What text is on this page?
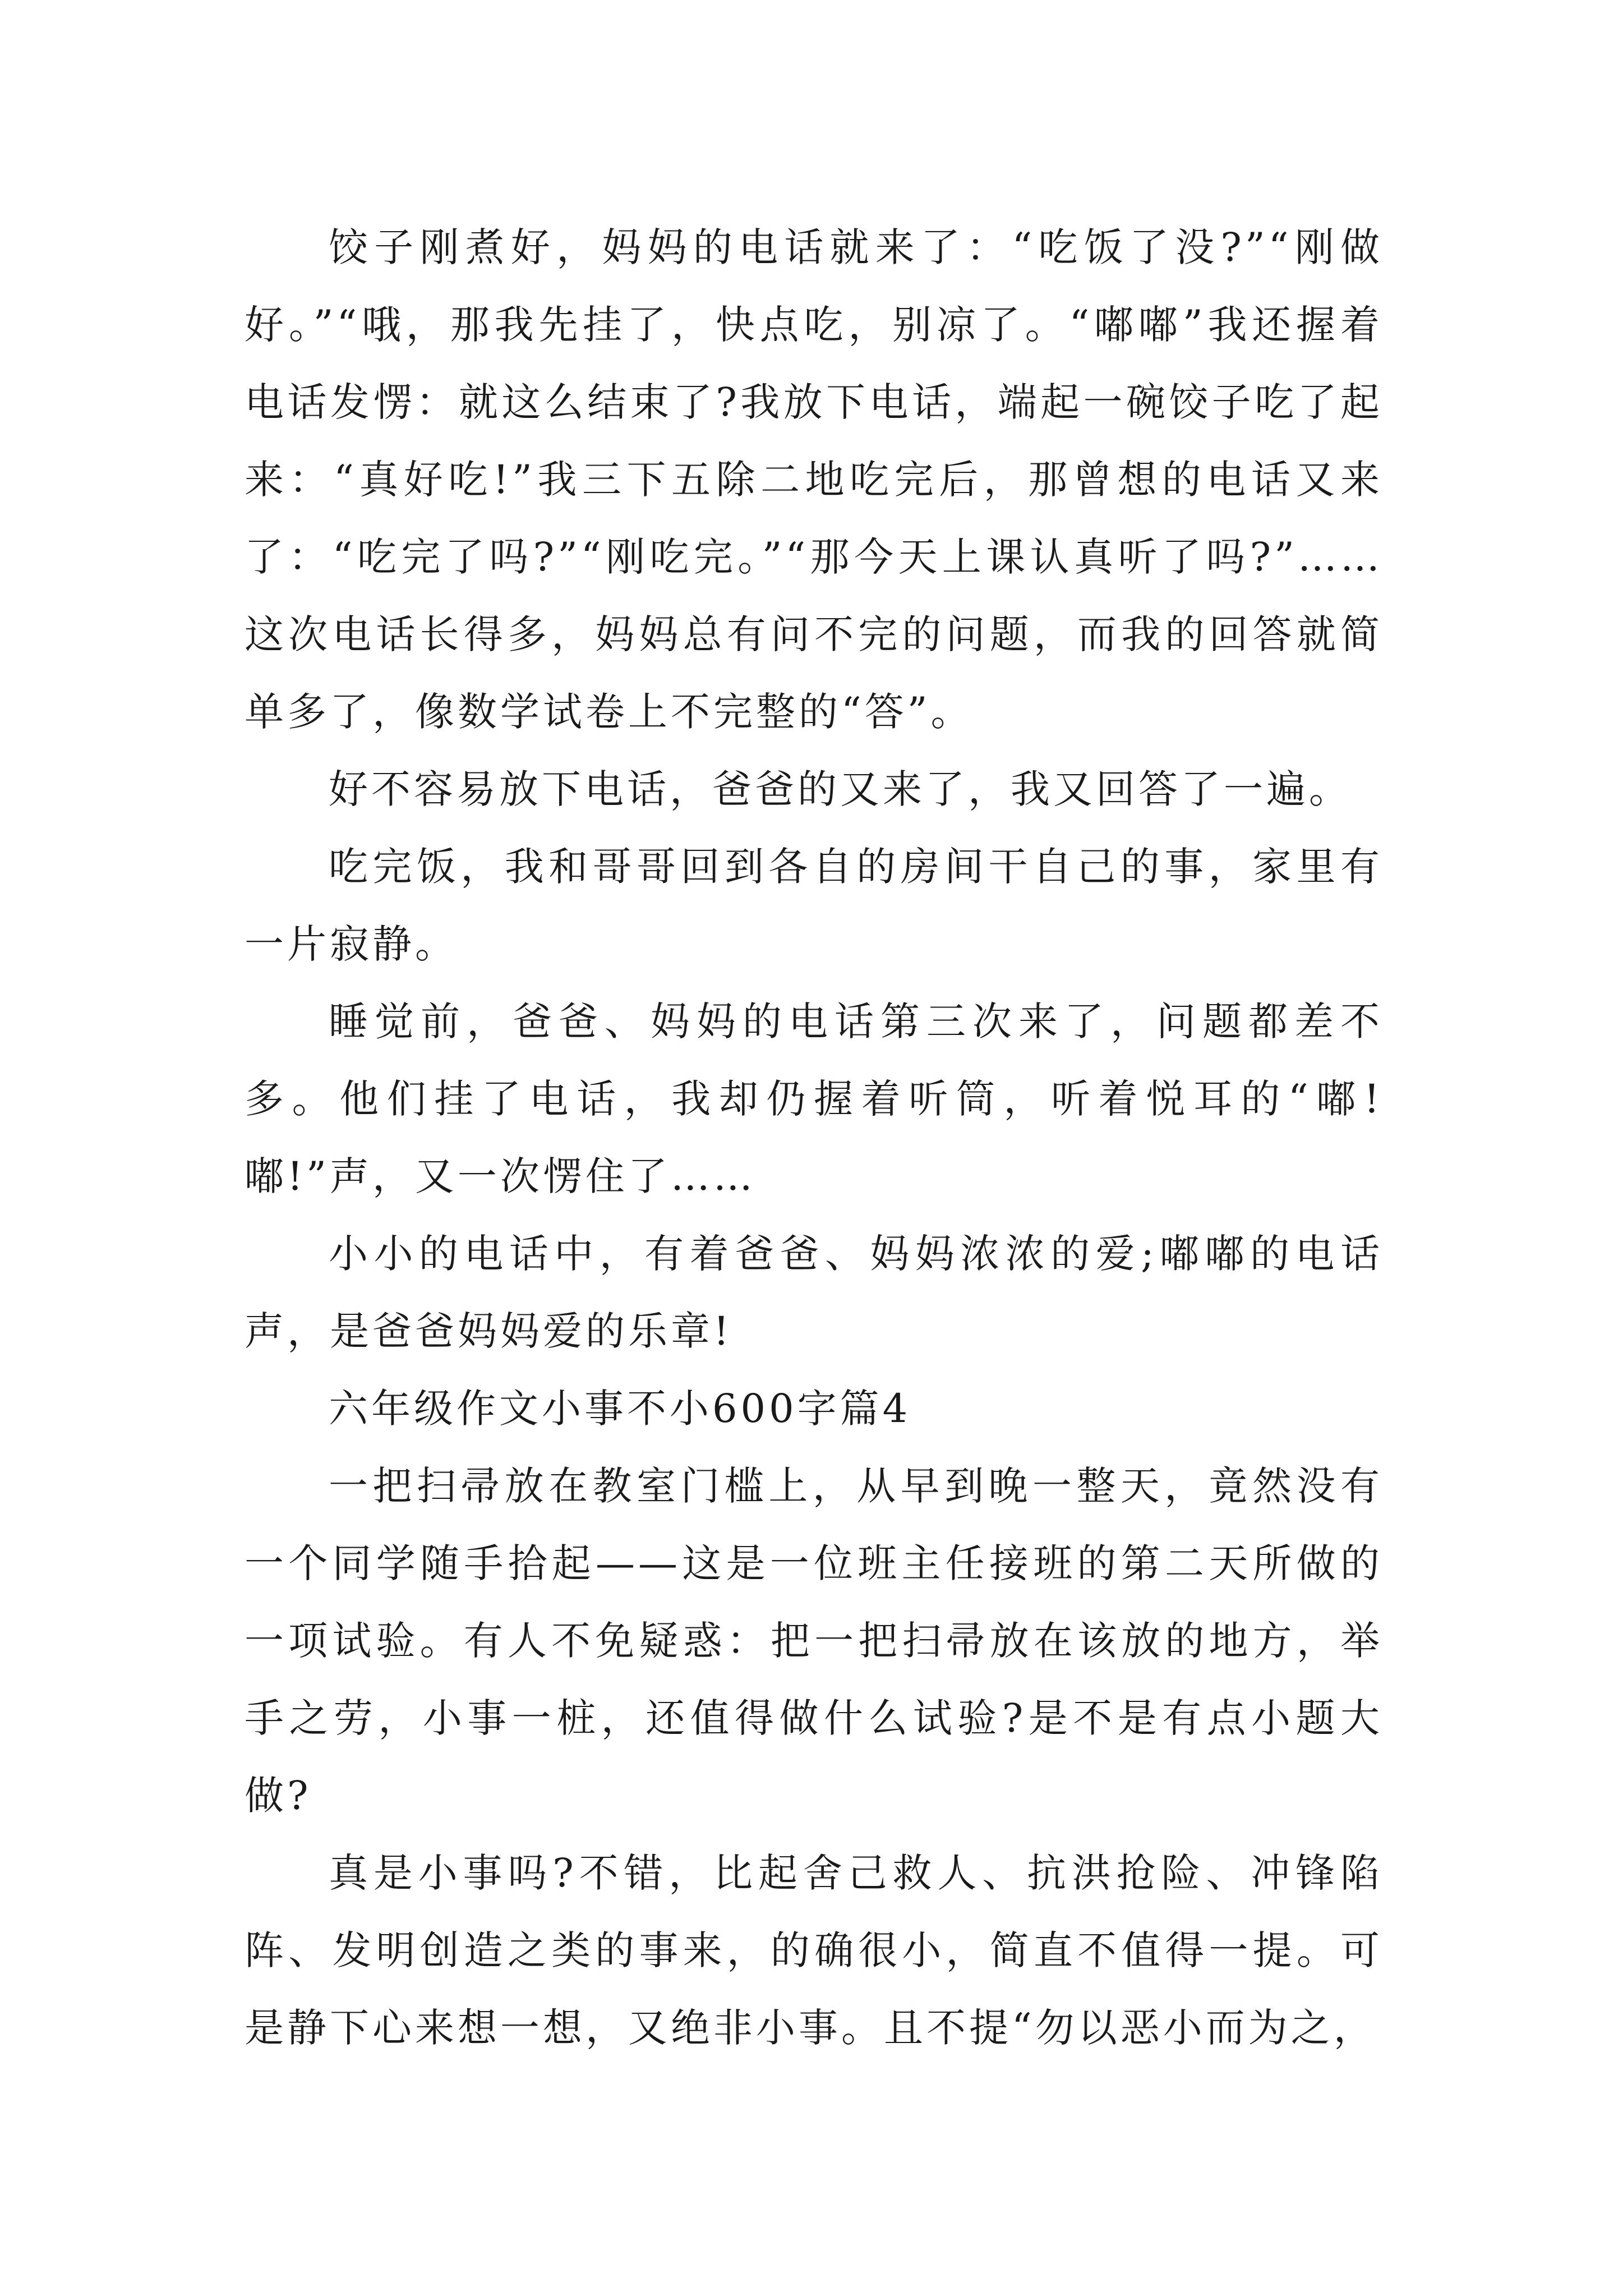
饺子刚煮好，妈妈的电话就来了：“吃饭了没?”“刚做好。”“哦，那我先挂了，快点吃，别凉了。“嘟嘟”我还握着电话发愣：就这么结束了?我放下电话，端起一碗饺子吃了起来：“真好吃!”我三下五除二地吃完后，那曾想的电话又来了：“吃完了吗?”“刚吃完。”“那今天上课认真听了吗?”……这次电话长得多，妈妈总有问不完的问题，而我的回答就简单多了，像数学试卷上不完整的“答”。

好不容易放下电话，爸爸的又来了，我又回答了一遍。

吃完饭，我和哥哥回到各自的房间干自己的事，家里有一片寂静。

睡觉前，爸爸、妈妈的电话第三次来了，问题都差不多。他们挂了电话，我却仍握着听筒，听着悦耳的“嘟!嘟!”声，又一次愣住了……

小小的电话中，有着爸爸、妈妈浓浓的爱;嘟嘟的电话声，是爸爸妈妈爱的乐章!

六年级作文小事不小600字篇4

一把扫帚放在教室门槛上，从早到晚一整天，竟然没有一个同学随手拾起——这是一位班主任接班的第二天所做的一项试验。有人不免疑惑：把一把扫帚放在该放的地方，举手之劳，小事一桩，还值得做什么试验?是不是有点小题大做?

真是小事吗?不错，比起舍己救人、抗洪抢险、冲锋陷阵、发明创造之类的事来，的确很小，简直不值得一提。可是静下心来想一想，又绝非小事。且不提“勿以恶小而为之，
